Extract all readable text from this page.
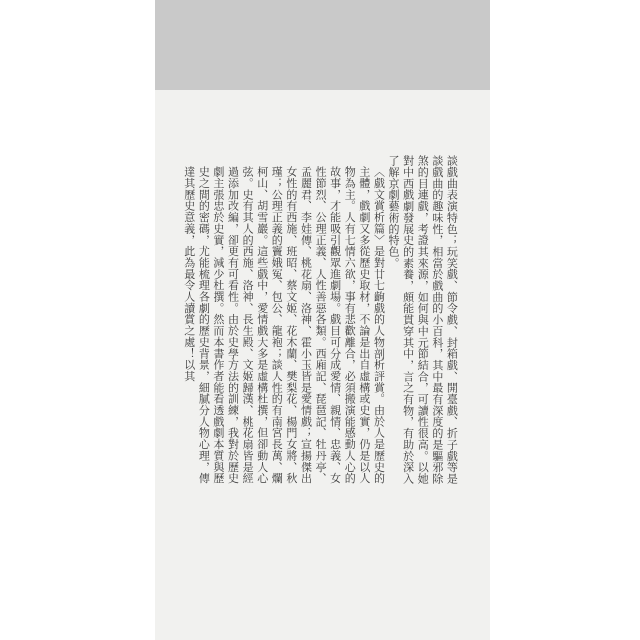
談戲曲表演特色；玩笑戲、節令戲、封箱戲、開臺戲、折子戲等是談戲曲的趣味性，相當於戲曲的小百科，其中最有深度的是驅邪除煞的目連戲，考證其來源，如何與中元節結合，可讀性很高。以她對中西戲劇發展史的素養，頗能貫穿其中，言之有物，有助於深入了解京劇藝術的特色。

〈戲文賞析篇〉是對廿七齣戲的人物剖析評賞。由於人是歷史的主體，戲劇又多從歷史取材，不論是出自虛構或史實，仍是以人物為主。人有七情六欲，事有悲歡離合，必須搬演能感動人心的故事，才能吸引觀眾進劇場。戲目可分成愛情、親情、忠義、女性節烈、公理正義、人性善惡各類。西廂記、琵琶記、牡丹亭、孟麗君、李娃傳、桃花扇、洛神、霍小玉皆是愛情戲；宣揚傑出女性的有西施、班昭、蔡文姬、花木蘭、樊梨花、楊門女將、秋瑾；公理正義的竇娥冤、包公、龍袍；談人性的有南宮長萬、爛柯山、胡雪巖。這些戲中，愛情戲大多是虛構杜撰，但卻動人心弦。史有其人的西施、洛神、長生殿、文姬歸漢、桃花扇皆是經過添加改編，卻更有可看性。由於史學方法的訓練，我對於歷史劇主張忠於史實，減少杜撰。然而本書作者能看透戲劇本質與歷史之間的密碼，尤能梳理各劇的歷史背景，細膩分人物心理，傳達其歷史意義，此為最令人讀賞之處！以其
